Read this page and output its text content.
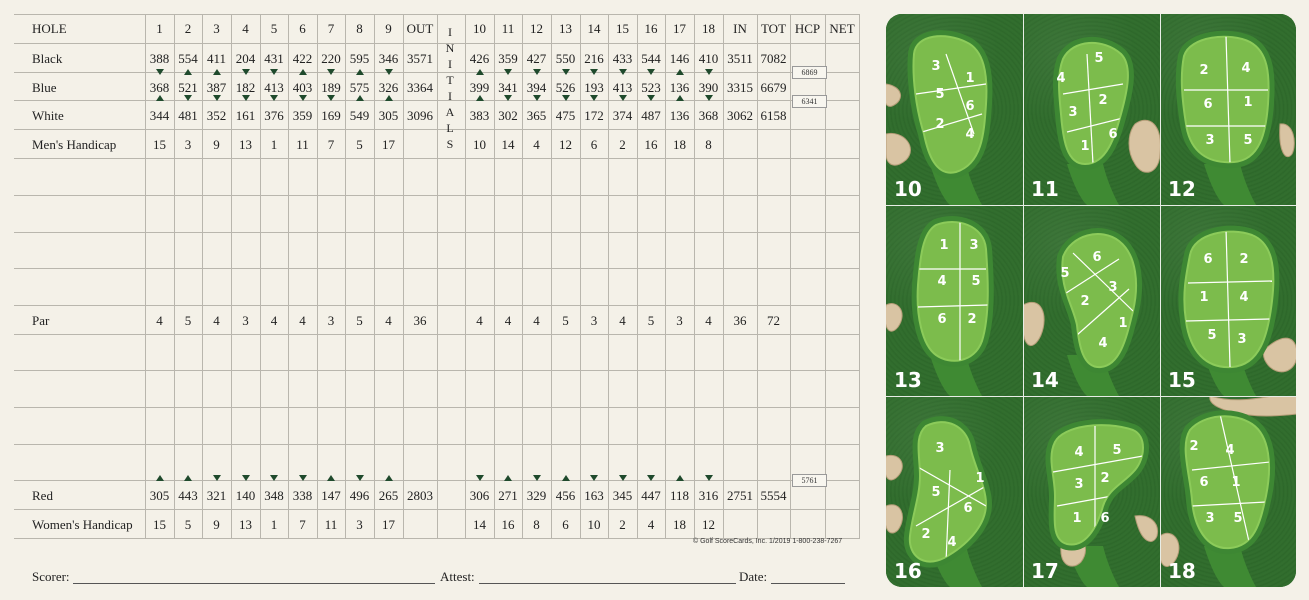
HOLE	1	2	3	4	5	6	7	8	9	OUT	10	11	12	13	14	15	16	17	18	IN	TOT HCP NET
Black	388 554 411 204 431 422 220 595 346 3571	426 359 427 550 216 433 544 146 410 3511 7082
Blue	368 521 387 182 413 403 189 575 326 3364	399 341 394 526 193 413 523 136 390 3315 6679
White	344 481 352 161 376 359 169 549 305 3096	383 302 365 475 172 374 487 136 368 3062 6158
Men's Handicap	15	3	9	13	1	11	7	5	17	10	14	4	12	6	2	16	18	8
Par	4	5	4	3	4	4	3	5	4	36	4	4	4	5	3	4	5	3	4	36	72
Red	305 443 321 140 348 338 147 496 265 2803	306 271 329 456 163 345 447 118 316 2751 5554
Women's Handicap	15	5	9	13	1	7	11	3	17	14	16	8	6	10	2	4	18	12
6869
6341
5761
I
N
I
T
I
A
L
S
© Golf ScoreCards, Inc. 1/2019 1-800-238-7267
Scorer:	Attest:	Date:
3
1
5
6
2
4
10
5
4
2
3
1
6
11
2	4
6 1
3 5
12
1 3
4 5
6 2
13
6
5
3
2
1
4
14
6 2
1 4
5 3
15
3
1
5
6
2
4
16
4 5
3 2
1 6
17
2 4
6 1
3 5
18
